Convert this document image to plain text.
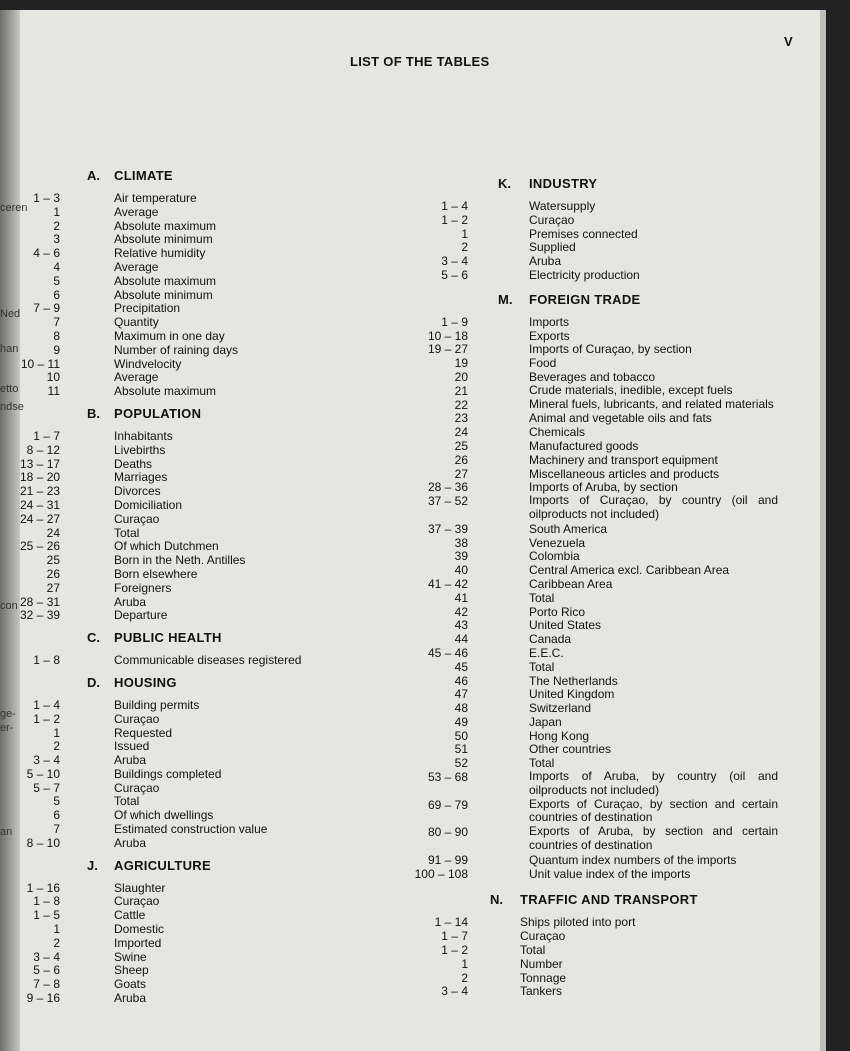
V
LIST OF THE TABLES
ceren
Ned
han
etto
ndse
con
ge-
er-
an
A. CLIMATE
1 – 3	Air temperature
1	Average
2	Absolute maximum
3	Absolute minimum
4 – 6	Relative humidity
4	Average
5	Absolute maximum
6	Absolute minimum
7 – 9	Precipitation
7	Quantity
8	Maximum in one day
9	Number of raining days
10 – 11	Windvelocity
10	Average
11	Absolute maximum
B. POPULATION
1 – 7	Inhabitants
8 – 12	Livebirths
13 – 17	Deaths
18 – 20	Marriages
21 – 23	Divorces
24 – 31	Domiciliation
24 – 27	Curaçao
24	Total
25 – 26	Of which Dutchmen
25	Born in the Neth. Antilles
26	Born elsewhere
27	Foreigners
28 – 31	Aruba
32 – 39	Departure
C. PUBLIC HEALTH
1 – 8	Communicable diseases registered
D. HOUSING
1 – 4	Building permits
1 – 2	Curaçao
1	Requested
2	Issued
3 – 4	Aruba
5 – 10	Buildings completed
5 – 7	Curaçao
5	Total
6	Of which dwellings
7	Estimated construction value
8 – 10	Aruba
J. AGRICULTURE
1 – 16	Slaughter
1 – 8	Curaçao
1 – 5	Cattle
1	Domestic
2	Imported
3 – 4	Swine
5 – 6	Sheep
7 – 8	Goats
9 – 16	Aruba
K. INDUSTRY
1 – 4	Watersupply
1 – 2	Curaçao
1	Premises connected
2	Supplied
3 – 4	Aruba
5 – 6	Electricity production
M. FOREIGN TRADE
1 – 9	Imports
10 – 18	Exports
19 – 27	Imports of Curaçao, by section
19	Food
20	Beverages and tobacco
21	Crude materials, inedible, except fuels
22	Mineral fuels, lubricants, and related materials
23	Animal and vegetable oils and fats
24	Chemicals
25	Manufactured goods
26	Machinery and transport equipment
27	Miscellaneous articles and products
28 – 36	Imports of Aruba, by section
37 – 52	Imports of Curaçao, by country (oil and oilproducts not included)
37 – 39	South America
38	Venezuela
39	Colombia
40	Central America excl. Caribbean Area
41 – 42	Caribbean Area
41	Total
42	Porto Rico
43	United States
44	Canada
45 – 46	E.E.C.
45	Total
46	The Netherlands
47	United Kingdom
48	Switzerland
49	Japan
50	Hong Kong
51	Other countries
52	Total
53 – 68	Imports of Aruba, by country (oil and oilproducts not included)
69 – 79	Exports of Curaçao, by section and certain countries of destination
80 – 90	Exports of Aruba, by section and certain countries of destination
91 – 99	Quantum index numbers of the imports
100 – 108	Unit value index of the imports
N. TRAFFIC AND TRANSPORT
1 – 14	Ships piloted into port
1 – 7	Curaçao
1 – 2	Total
1	Number
2	Tonnage
3 – 4	Tankers
